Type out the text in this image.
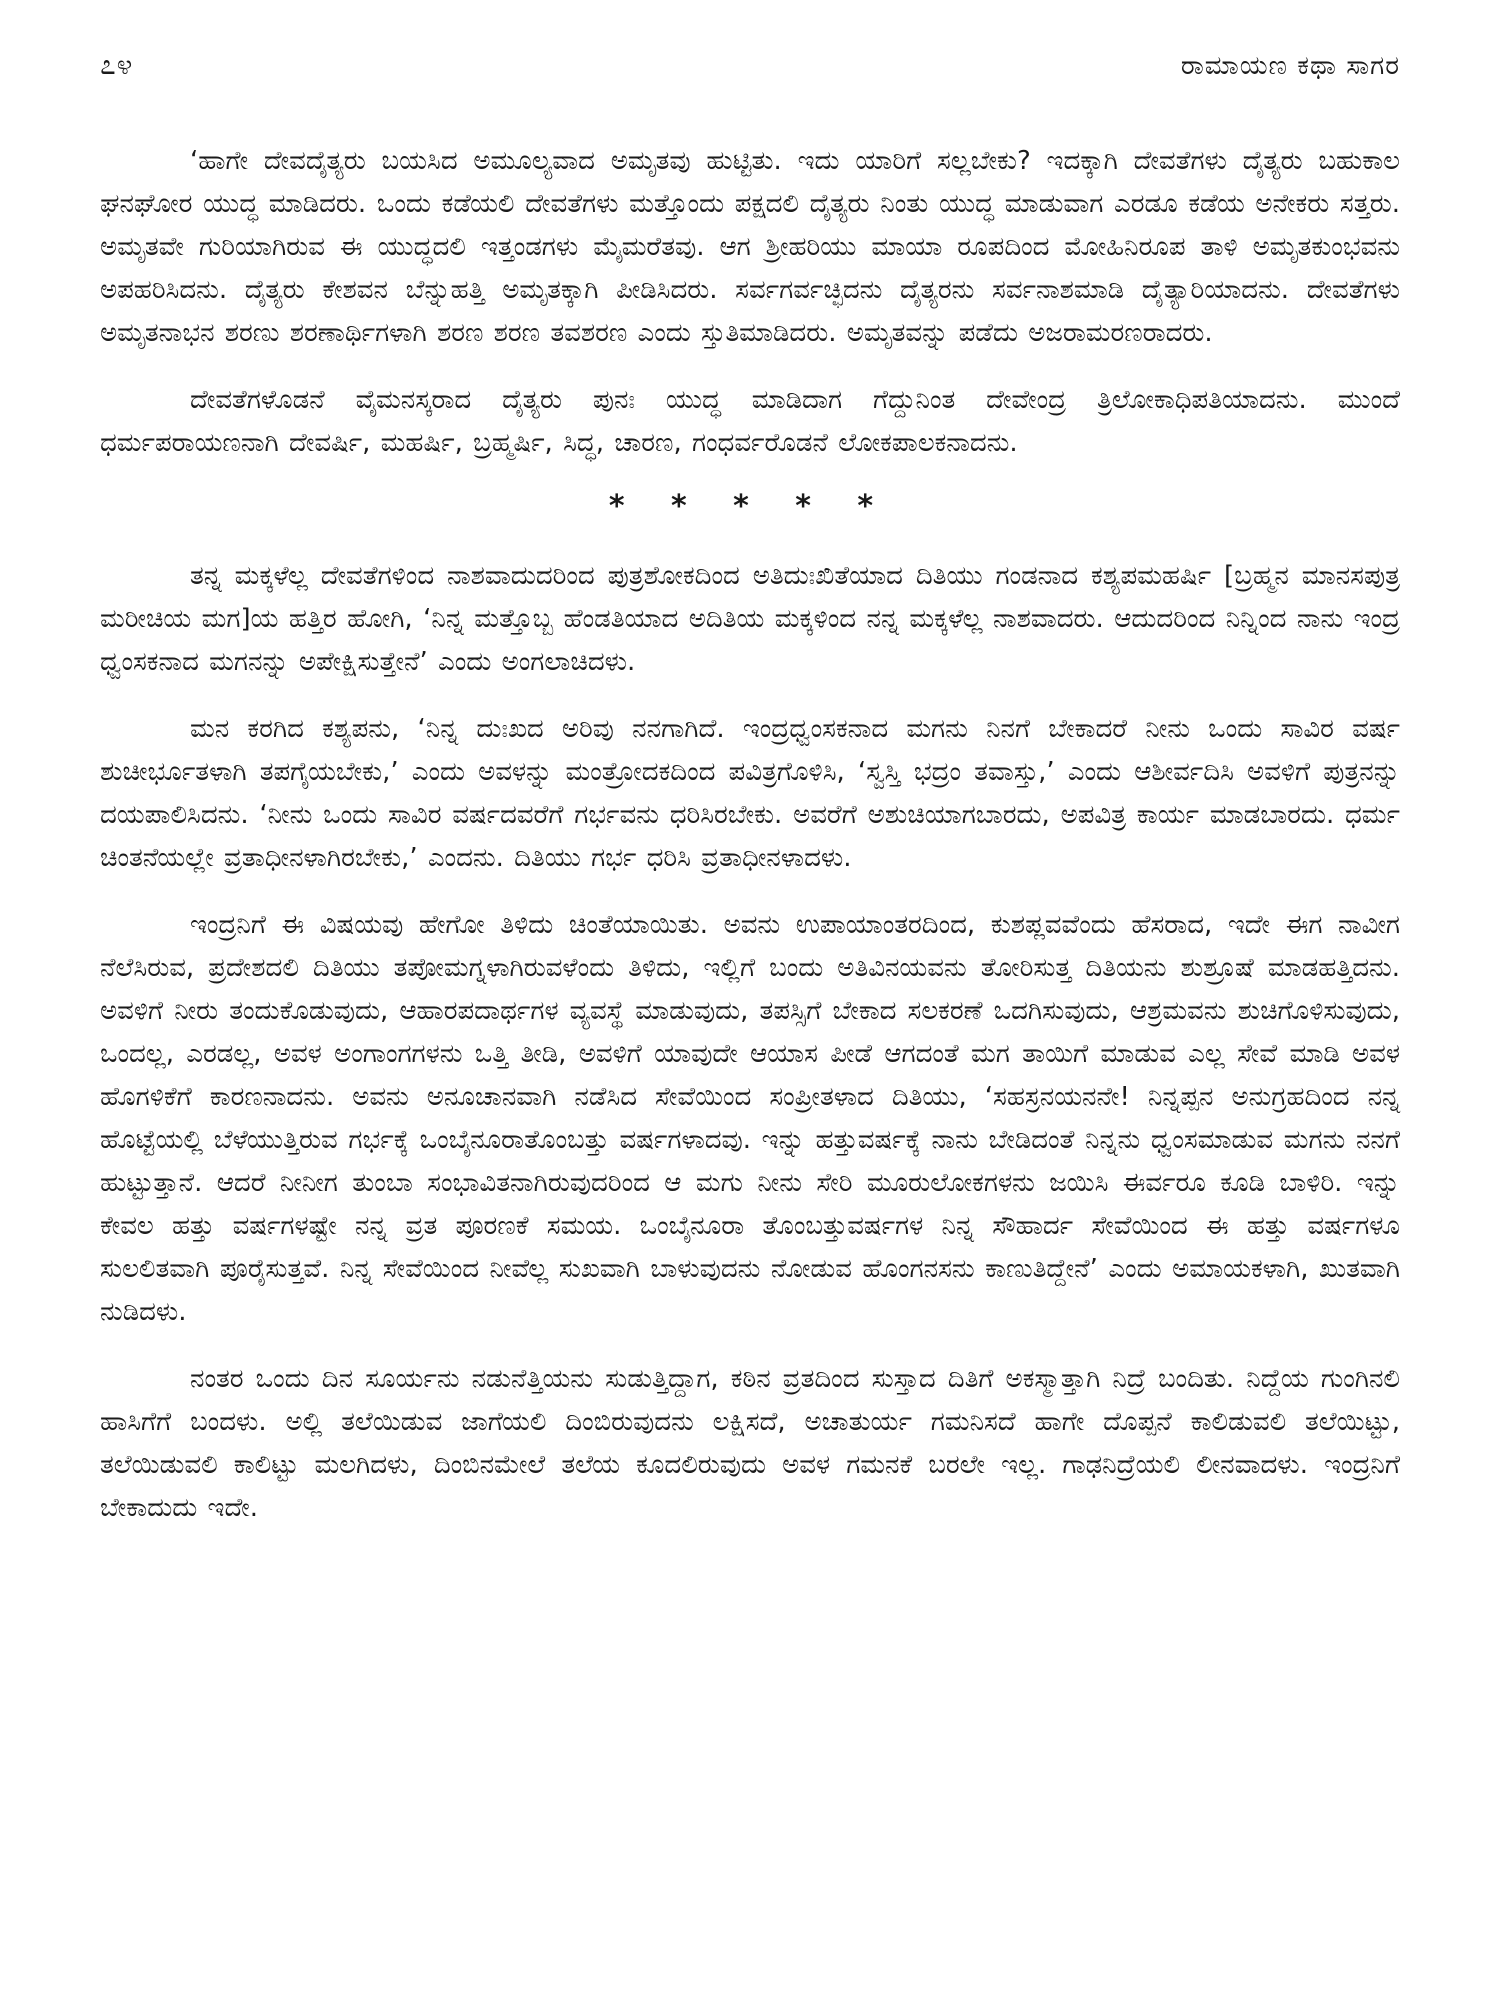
೭೪	ರಾಮಾಯಣ ಕಥಾ ಸಾಗರ

‘ಹಾಗೇ ದೇವದೈತ್ಯರು ಬಯಸಿದ ಅಮೂಲ್ಯವಾದ ಅಮೃತವು ಹುಟ್ಟಿತು. ಇದು ಯಾರಿಗೆ ಸಲ್ಲಬೇಕು? ಇದಕ್ಕಾಗಿ ದೇವತೆಗಳು ದೈತ್ಯರು ಬಹುಕಾಲ ಘನಘೋರ ಯುದ್ಧ ಮಾಡಿದರು. ಒಂದು ಕಡೆಯಲಿ ದೇವತೆಗಳು ಮತ್ತೊಂದು ಪಕ್ಷದಲಿ ದೈತ್ಯರು ನಿಂತು ಯುದ್ಧ ಮಾಡುವಾಗ ಎರಡೂ ಕಡೆಯ ಅನೇಕರು ಸತ್ತರು. ಅಮೃತವೇ ಗುರಿಯಾಗಿರುವ ಈ ಯುದ್ಧದಲಿ ಇತ್ತಂಡಗಳು ಮೈಮರೆತವು. ಆಗ ಶ್ರೀಹರಿಯು ಮಾಯಾ ರೂಪದಿಂದ ಮೋಹಿನಿರೂಪ ತಾಳಿ ಅಮೃತಕುಂಭವನು ಅಪಹರಿಸಿದನು. ದೈತ್ಯರು ಕೇಶವನ ಬೆನ್ನುಹತ್ತಿ ಅಮೃತಕ್ಕಾಗಿ ಪೀಡಿಸಿದರು. ಸರ್ವಗರ್ವಚ್ಛಿದನು ದೈತ್ಯರನು ಸರ್ವನಾಶಮಾಡಿ ದೈತ್ಯಾರಿಯಾದನು. ದೇವತೆಗಳು ಅಮೃತನಾಭನ ಶರಣು ಶರಣಾರ್ಥಿಗಳಾಗಿ ಶರಣ ಶರಣ ತವಶರಣ ಎಂದು ಸ್ತುತಿಮಾಡಿದರು. ಅಮೃತವನ್ನು ಪಡೆದು ಅಜರಾಮರಣರಾದರು.

ದೇವತೆಗಳೊಡನೆ ವೈಮನಸ್ಕರಾದ ದೈತ್ಯರು ಪುನಃ ಯುದ್ಧ ಮಾಡಿದಾಗ ಗೆದ್ದುನಿಂತ ದೇವೇಂದ್ರ ತ್ರಿಲೋಕಾಧಿಪತಿಯಾದನು. ಮುಂದೆ ಧರ್ಮಪರಾಯಣನಾಗಿ ದೇವರ್ಷಿ, ಮಹರ್ಷಿ, ಬ್ರಹ್ಮರ್ಷಿ, ಸಿದ್ಧ, ಚಾರಣ, ಗಂಧರ್ವರೊಡನೆ ಲೋಕಪಾಲಕನಾದನು.

* * * * *

ತನ್ನ ಮಕ್ಕಳೆಲ್ಲ ದೇವತೆಗಳಿಂದ ನಾಶವಾದುದರಿಂದ ಪುತ್ರಶೋಕದಿಂದ ಅತಿದುಃಖಿತೆಯಾದ ದಿತಿಯು ಗಂಡನಾದ ಕಶ್ಯಪಮಹರ್ಷಿ [ಬ್ರಹ್ಮನ ಮಾನಸಪುತ್ರ ಮರೀಚಿಯ ಮಗ]ಯ ಹತ್ತಿರ ಹೋಗಿ, ‘ನಿನ್ನ ಮತ್ತೊಬ್ಬ ಹೆಂಡತಿಯಾದ ಅದಿತಿಯ ಮಕ್ಕಳಿಂದ ನನ್ನ ಮಕ್ಕಳೆಲ್ಲ ನಾಶವಾದರು. ಆದುದರಿಂದ ನಿನ್ನಿಂದ ನಾನು ಇಂದ್ರ ಧ್ವಂಸಕನಾದ ಮಗನನ್ನು ಅಪೇಕ್ಷಿಸುತ್ತೇನೆ’ ಎಂದು ಅಂಗಲಾಚಿದಳು.

ಮನ ಕರಗಿದ ಕಶ್ಯಪನು, ‘ನಿನ್ನ ದುಃಖದ ಅರಿವು ನನಗಾಗಿದೆ. ಇಂದ್ರಧ್ವಂಸಕನಾದ ಮಗನು ನಿನಗೆ ಬೇಕಾದರೆ ನೀನು ಒಂದು ಸಾವಿರ ವರ್ಷ ಶುಚೀರ್ಭೂತಳಾಗಿ ತಪಗೈಯಬೇಕು,’ ಎಂದು ಅವಳನ್ನು ಮಂತ್ರೋದಕದಿಂದ ಪವಿತ್ರಗೊಳಿಸಿ, ‘ಸ್ವಸ್ತಿ ಭದ್ರಂ ತವಾಸ್ತು,’ ಎಂದು ಆಶೀರ್ವದಿಸಿ ಅವಳಿಗೆ ಪುತ್ರನನ್ನು ದಯಪಾಲಿಸಿದನು. ‘ನೀನು ಒಂದು ಸಾವಿರ ವರ್ಷದವರೆಗೆ ಗರ್ಭವನು ಧರಿಸಿರಬೇಕು. ಅವರೆಗೆ ಅಶುಚಿಯಾಗಬಾರದು, ಅಪವಿತ್ರ ಕಾರ್ಯ ಮಾಡಬಾರದು. ಧರ್ಮ ಚಿಂತನೆಯಲ್ಲೇ ವ್ರತಾಧೀನಳಾಗಿರಬೇಕು,’ ಎಂದನು. ದಿತಿಯು ಗರ್ಭ ಧರಿಸಿ ವ್ರತಾಧೀನಳಾದಳು.

ಇಂದ್ರನಿಗೆ ಈ ವಿಷಯವು ಹೇಗೋ ತಿಳಿದು ಚಿಂತೆಯಾಯಿತು. ಅವನು ಉಪಾಯಾಂತರದಿಂದ, ಕುಶಪ್ಲವವೆಂದು ಹೆಸರಾದ, ಇದೇ ಈಗ ನಾವೀಗ ನೆಲೆಸಿರುವ, ಪ್ರದೇಶದಲಿ ದಿತಿಯು ತಪೋಮಗ್ನಳಾಗಿರುವಳೆಂದು ತಿಳಿದು, ಇಲ್ಲಿಗೆ ಬಂದು ಅತಿವಿನಯವನು ತೋರಿಸುತ್ತ ದಿತಿಯನು ಶುಶ್ರೂಷೆ ಮಾಡಹತ್ತಿದನು. ಅವಳಿಗೆ ನೀರು ತಂದುಕೊಡುವುದು, ಆಹಾರಪದಾರ್ಥಗಳ ವ್ಯವಸ್ಥೆ ಮಾಡುವುದು, ತಪಸ್ಸಿಗೆ ಬೇಕಾದ ಸಲಕರಣೆ ಒದಗಿಸುವುದು, ಆಶ್ರಮವನು ಶುಚಿಗೊಳಿಸುವುದು, ಒಂದಲ್ಲ, ಎರಡಲ್ಲ, ಅವಳ ಅಂಗಾಂಗಗಳನು ಒತ್ತಿ ತೀಡಿ, ಅವಳಿಗೆ ಯಾವುದೇ ಆಯಾಸ ಪೀಡೆ ಆಗದಂತೆ ಮಗ ತಾಯಿಗೆ ಮಾಡುವ ಎಲ್ಲ ಸೇವೆ ಮಾಡಿ ಅವಳ ಹೊಗಳಿಕೆಗೆ ಕಾರಣನಾದನು. ಅವನು ಅನೂಚಾನವಾಗಿ ನಡೆಸಿದ ಸೇವೆಯಿಂದ ಸಂಪ್ರೀತಳಾದ ದಿತಿಯು, ‘ಸಹಸ್ರನಯನನೇ! ನಿನ್ನಪ್ಪನ ಅನುಗ್ರಹದಿಂದ ನನ್ನ ಹೊಟ್ಟೆಯಲ್ಲಿ ಬೆಳೆಯುತ್ತಿರುವ ಗರ್ಭಕ್ಕೆ ಒಂಬೈನೂರಾತೊಂಬತ್ತು ವರ್ಷಗಳಾದವು. ಇನ್ನು ಹತ್ತುವರ್ಷಕ್ಕೆ ನಾನು ಬೇಡಿದಂತೆ ನಿನ್ನನು ಧ್ವಂಸಮಾಡುವ ಮಗನು ನನಗೆ ಹುಟ್ಟುತ್ತಾನೆ. ಆದರೆ ನೀನೀಗ ತುಂಬಾ ಸಂಭಾವಿತನಾಗಿರುವುದರಿಂದ ಆ ಮಗು ನೀನು ಸೇರಿ ಮೂರುಲೋಕಗಳನು ಜಯಿಸಿ ಈರ್ವರೂ ಕೂಡಿ ಬಾಳಿರಿ. ಇನ್ನು ಕೇವಲ ಹತ್ತು ವರ್ಷಗಳಷ್ಟೇ ನನ್ನ ವ್ರತ ಪೂರಣಕೆ ಸಮಯ. ಒಂಬೈನೂರಾ ತೊಂಬತ್ತುವರ್ಷಗಳ ನಿನ್ನ ಸೌಹಾರ್ದ ಸೇವೆಯಿಂದ ಈ ಹತ್ತು ವರ್ಷಗಳೂ ಸುಲಲಿತವಾಗಿ ಪೂರೈಸುತ್ತವೆ. ನಿನ್ನ ಸೇವೆಯಿಂದ ನೀವೆಲ್ಲ ಸುಖವಾಗಿ ಬಾಳುವುದನು ನೋಡುವ ಹೊಂಗನಸನು ಕಾಣುತಿದ್ದೇನೆ’ ಎಂದು ಅಮಾಯಕಳಾಗಿ, ಖುತವಾಗಿ ನುಡಿದಳು.

ನಂತರ ಒಂದು ದಿನ ಸೂರ್ಯನು ನಡುನೆತ್ತಿಯನು ಸುಡುತ್ತಿದ್ದಾಗ, ಕಠಿನ ವ್ರತದಿಂದ ಸುಸ್ತಾದ ದಿತಿಗೆ ಅಕಸ್ಮಾತ್ತಾಗಿ ನಿದ್ರೆ ಬಂದಿತು. ನಿದ್ದೆಯ ಗುಂಗಿನಲಿ ಹಾಸಿಗೆಗೆ ಬಂದಳು. ಅಲ್ಲಿ ತಲೆಯಿಡುವ ಜಾಗೆಯಲಿ ದಿಂಬಿರುವುದನು ಲಕ್ಷಿಸದೆ, ಅಚಾತುರ್ಯ ಗಮನಿಸದೆ ಹಾಗೇ ದೊಪ್ಪನೆ ಕಾಲಿಡುವಲಿ ತಲೆಯಿಟ್ಟು, ತಲೆಯಿಡುವಲಿ ಕಾಲಿಟ್ಟು ಮಲಗಿದಳು, ದಿಂಬಿನಮೇಲೆ ತಲೆಯ ಕೂದಲಿರುವುದು ಅವಳ ಗಮನಕೆ ಬರಲೇ ಇಲ್ಲ. ಗಾಢನಿದ್ರೆಯಲಿ ಲೀನವಾದಳು. ಇಂದ್ರನಿಗೆ ಬೇಕಾದುದು ಇದೇ.
